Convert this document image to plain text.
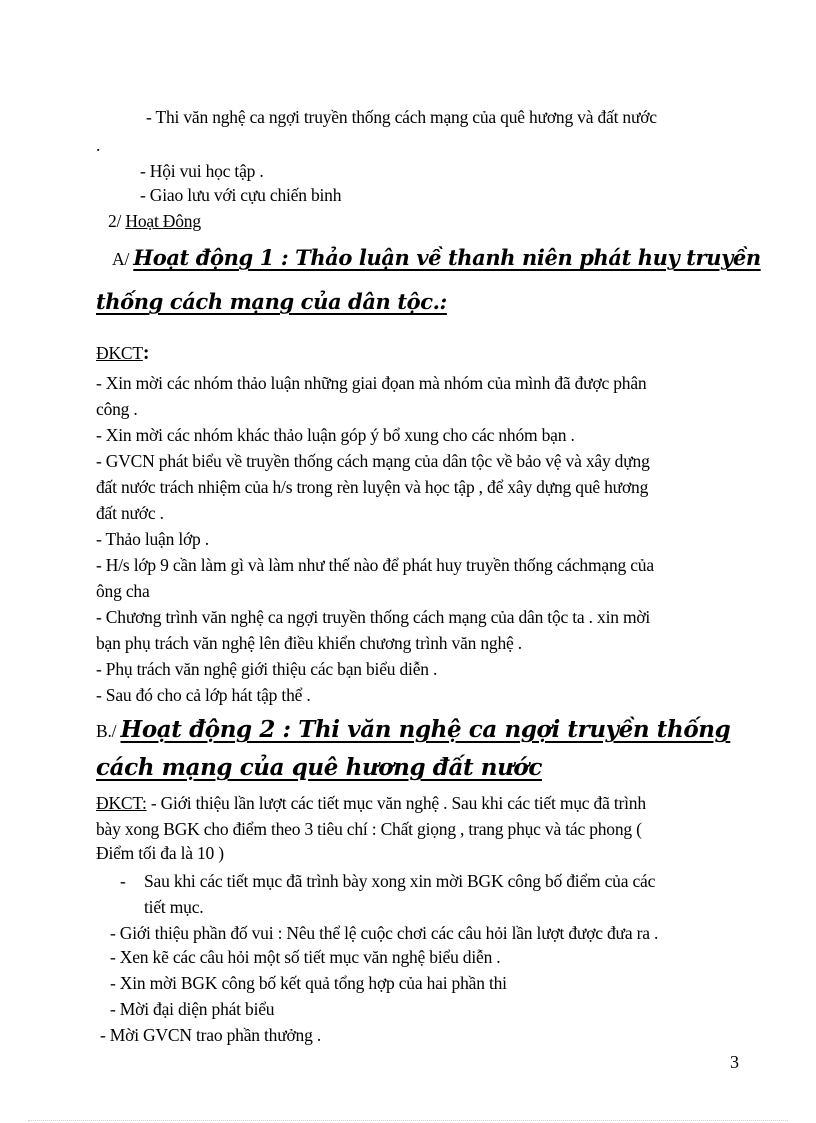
- Thi văn nghệ ca ngợi truyền thống cách mạng của quê hương và đất nước
.
- Hội vui học tập .
- Giao lưu với cựu chiến binh
2/ Hoạt Đông
A/ Hoạt động 1 : Thảo luận về thanh niên phát huy truyền
thống cách mạng của dân tộc.:
ĐKCT:
- Xin mời các nhóm thảo luận những giai đọan mà nhóm của mình đã được phân
công .
- Xin mời các nhóm khác thảo luận góp ý bổ xung cho các nhóm bạn .
- GVCN phát biểu về truyền thống cách mạng của dân tộc về bảo vệ và xây dựng
đất nước trách nhiệm của h/s trong rèn luyện và học tập , để xây dựng quê hương
đất nước .
- Thảo luận lớp .
- H/s lớp 9 cần làm gì và làm như thế nào để phát huy truyền thống cáchmạng của
ông cha
- Chương trình văn nghệ ca ngợi truyền thống cách mạng của dân tộc ta . xin mời
bạn phụ trách văn nghệ lên điều khiển chương trình văn nghệ .
- Phụ trách văn nghệ giới thiệu các bạn biểu diễn .
- Sau đó cho cả lớp hát tập thể .
B./ Hoạt động 2 : Thi văn nghệ ca ngợi truyền thống
cách mạng của quê hương đất nước
ĐKCT: - Giới thiệu lần lượt các tiết mục văn nghệ . Sau khi các tiết mục đã trình
bày xong BGK cho điểm theo 3 tiêu chí : Chất giọng , trang phục và tác phong (
Điểm tối đa là 10 )
- Sau khi các tiết mục đã trình bày xong xin mời BGK công bố điểm của các
tiết mục.
- Giới thiệu phần đố vui : Nêu thể lệ cuộc chơi các câu hỏi lần lượt được đưa ra .
- Xen kẽ các câu hỏi một số tiết mục văn nghệ biểu diễn .
- Xin mời BGK công bố kết quả tổng hợp của hai phần thi
- Mời đại diện phát biểu
- Mời GVCN trao phần thưởng .
3
